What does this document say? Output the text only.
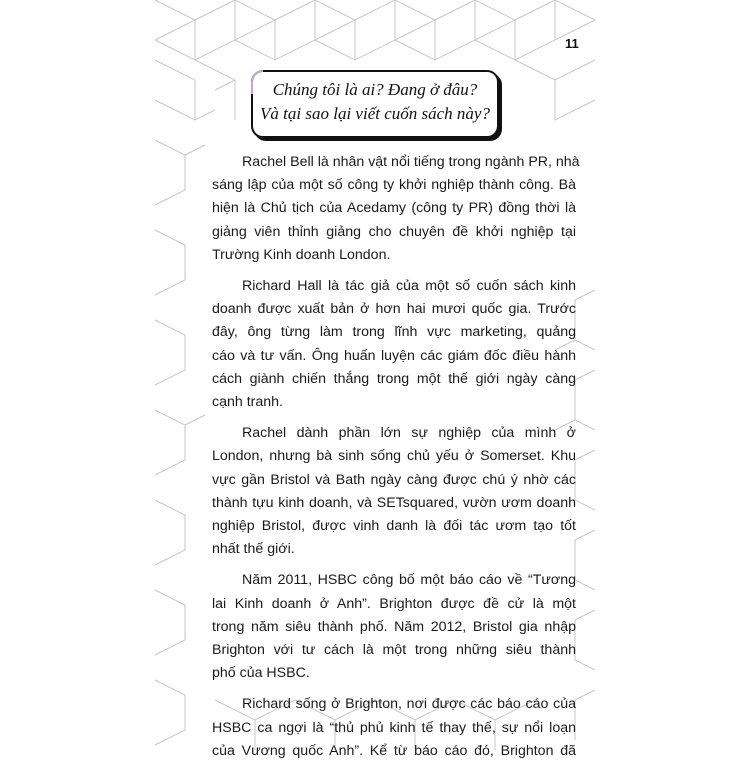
11
Chúng tôi là ai? Đang ở đâu?
Và tại sao lại viết cuốn sách này?
Rachel Bell là nhân vật nổi tiếng trong ngành PR, nhà
sáng lập của một số công ty khởi nghiệp thành công. Bà
hiện là Chủ tịch của Acedamy (công ty PR) đồng thời là
giảng viên thỉnh giảng cho chuyên đề khởi nghiệp tại
Trường Kinh doanh London.
Richard Hall là tác giả của một số cuốn sách kinh
doanh được xuất bản ở hơn hai mươi quốc gia. Trước
đây, ông từng làm trong lĩnh vực marketing, quảng
cáo và tư vấn. Ông huấn luyện các giám đốc điều hành
cách giành chiến thắng trong một thế giới ngày càng
cạnh tranh.
Rachel dành phần lớn sự nghiệp của mình ở
London, nhưng bà sinh sống chủ yếu ở Somerset. Khu
vực gần Bristol và Bath ngày càng được chú ý nhờ các
thành tựu kinh doanh, và SETsquared, vườn ươm doanh
nghiệp Bristol, được vinh danh là đối tác ươm tạo tốt
nhất thế giới.
Năm 2011, HSBC công bố một báo cáo về “Tương
lai Kinh doanh ở Anh”. Brighton được đề cử là một
trong năm siêu thành phố. Năm 2012, Bristol gia nhập
Brighton với tư cách là một trong những siêu thành
phố của HSBC.
Richard sống ở Brighton, nơi được các báo cáo của
HSBC ca ngợi là “thủ phủ kinh tế thay thế, sự nổi loạn
của Vương quốc Anh”. Kể từ báo cáo đó, Brighton đã
